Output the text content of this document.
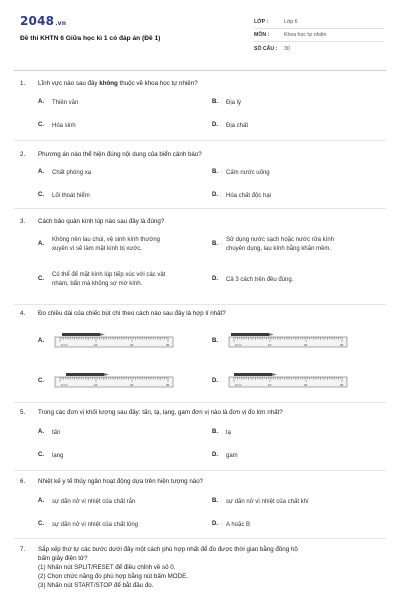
2048.vn
Đề thi KHTN 6 Giữa học kì 1 có đáp án (Đề 1)
LỚP :	Lớp 6
MÔN :	Khoa học tự nhiên
SỐ CÂU :	30
1.	Lĩnh vực nào sau đây không thuộc về khoa học tự nhiên?
A.	Thiên văn	B.	Địa lý
C.	Hóa sinh	D.	Địa chất
2.	Phương án nào thể hiện đúng nội dung của biển cảnh báo?
A.	Chất phóng xạ	B.	Cấm nước uống
C.	Lối thoát hiểm	D.	Hóa chất độc hại
3.	Cách bảo quản kính lúp nào sau đây là đúng?
A.
Không nên lau chùi, vệ sinh kính thường
xuyên vì sẽ làm mặt kính bị xước.
B.
Sử dụng nước sạch hoặc nước rửa kính
chuyên dụng, lau kính bằng khăn mềm.
C.
Có thể để mặt kính lúp tiếp xúc với các vật
nhám, bẩn mà không sợ mờ kính.
D.	Cả 3 cách trên đều đúng.
4.	Đo chiều dài của chiếc bút chì theo cách nào sau đây là hợp lí nhất?
A.
0 cm	10	20	30
B.
0 cm	10	20	30
C.
0 cm	10	20	30
D.
0 cm	10	20	30
5.	Trong các đơn vị khối lượng sau đây: tấn, tạ, lạng, gam đơn vị nào là đơn vị đo lớn nhất?
A.	tấn	B.	tạ
C.	lạng	D.	gam
6.	Nhiệt kế y tế thủy ngân hoạt động dựa trên hiện tượng nào?
A.	sự dãn nở vì nhiệt của chất rắn	B.	sự dãn nở vì nhiệt của chất khí
C.	sự dãn nở vì nhiệt của chất lỏng	D.	A hoặc B
7.	Sắp xếp thứ tự các bước dưới đây một cách phù hợp nhất để đo được thời gian bằng đồng hồ
bấm giây điện tử?
(1) Nhấn nút SPLIT/RESET để điều chỉnh về số 0.
(2) Chọn chức năng đo phù hợp bằng nút bấm MODE.
(3) Nhấn nút START/STOP để bắt đầu đo.
